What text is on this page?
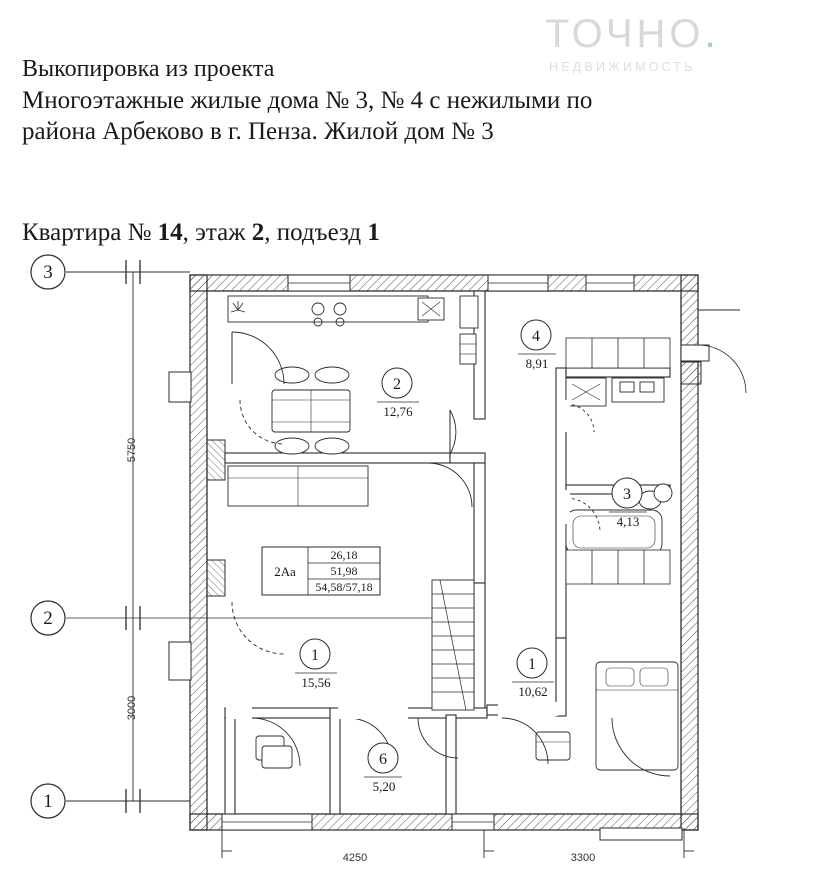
ТОЧНО.
НЕДВИЖИМОСТЬ
Выкопировка из проекта
Многоэтажные жилые дома № 3, № 4 с нежилыми по
района Арбеково в г. Пенза. Жилой дом № 3
Квартира № 14, этаж 2, подъезд 1
3
2
1
5750
3000
4250	3300
2
12,76
4
8,91
3
4,13
1
15,56
1
10,62
6
5,20
2Аа
26,18
51,98
54,58/57,18
